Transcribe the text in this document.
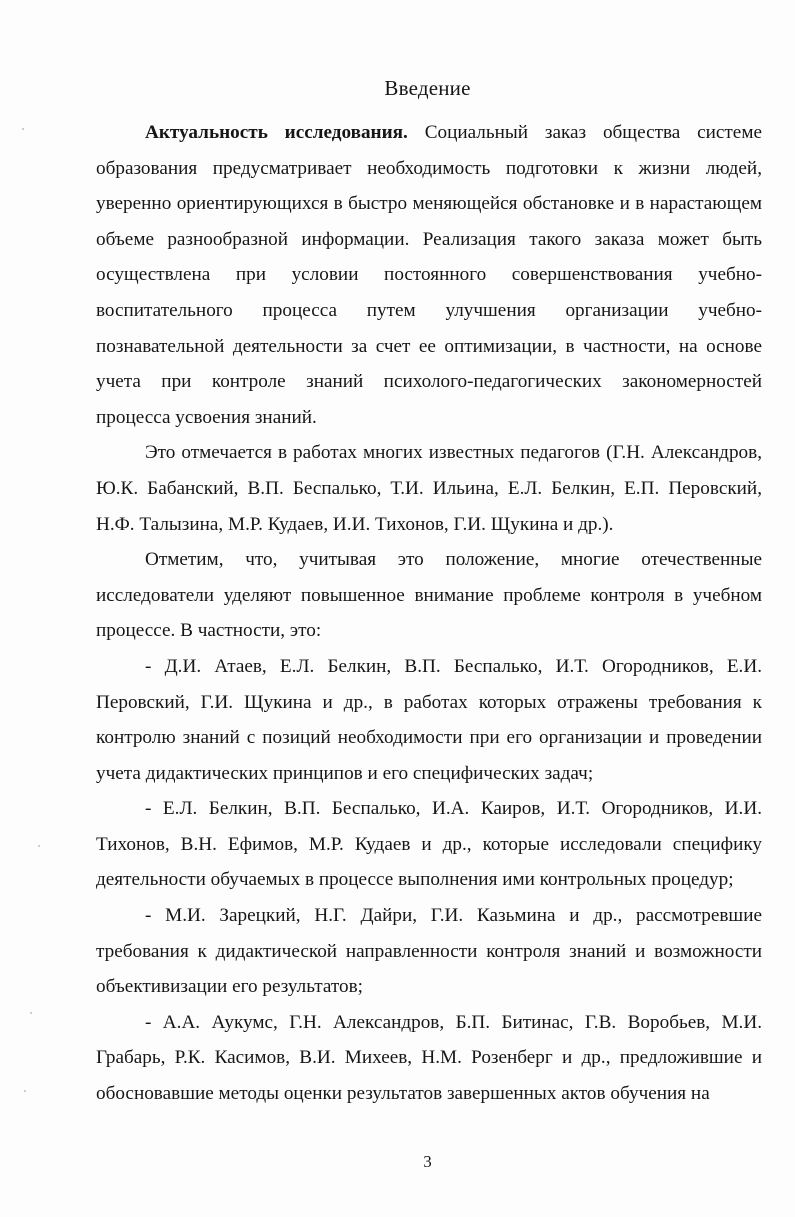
Введение

Актуальность исследования. Социальный заказ общества системе образования предусматривает необходимость подготовки к жизни людей, уверенно ориентирующихся в быстро меняющейся обстановке и в нарастающем объеме разнообразной информации. Реализация такого заказа может быть осуществлена при условии постоянного совершенствования учебно-воспитательного процесса путем улучшения организации учебно-познавательной деятельности за счет ее оптимизации, в частности, на основе учета при контроле знаний психолого-педагогических закономерностей процесса усвоения знаний.

Это отмечается в работах многих известных педагогов (Г.Н. Александров, Ю.К. Бабанский, В.П. Беспалько, Т.И. Ильина, Е.Л. Белкин, Е.П. Перовский, Н.Ф. Талызина, М.Р. Кудаев, И.И. Тихонов, Г.И. Щукина и др.).

Отметим, что, учитывая это положение, многие отечественные исследователи уделяют повышенное внимание проблеме контроля в учебном процессе. В частности, это:

- Д.И. Атаев, Е.Л. Белкин, В.П. Беспалько, И.Т. Огородников, Е.И. Перовский, Г.И. Щукина и др., в работах которых отражены требования к контролю знаний с позиций необходимости при его организации и проведении учета дидактических принципов и его специфических задач;

- Е.Л. Белкин, В.П. Беспалько, И.А. Каиров, И.Т. Огородников, И.И. Тихонов, В.Н. Ефимов, М.Р. Кудаев и др., которые исследовали специфику деятельности обучаемых в процессе выполнения ими контрольных процедур;

- М.И. Зарецкий, Н.Г. Дайри, Г.И. Казьмина и др., рассмотревшие требования к дидактической направленности контроля знаний и возможности объективизации его результатов;

- А.А. Аукумс, Г.Н. Александров, Б.П. Битинас, Г.В. Воробьев, М.И. Грабарь, Р.К. Касимов, В.И. Михеев, Н.М. Розенберг и др., предложившие и обосновавшие методы оценки результатов завершенных актов обучения на

3
